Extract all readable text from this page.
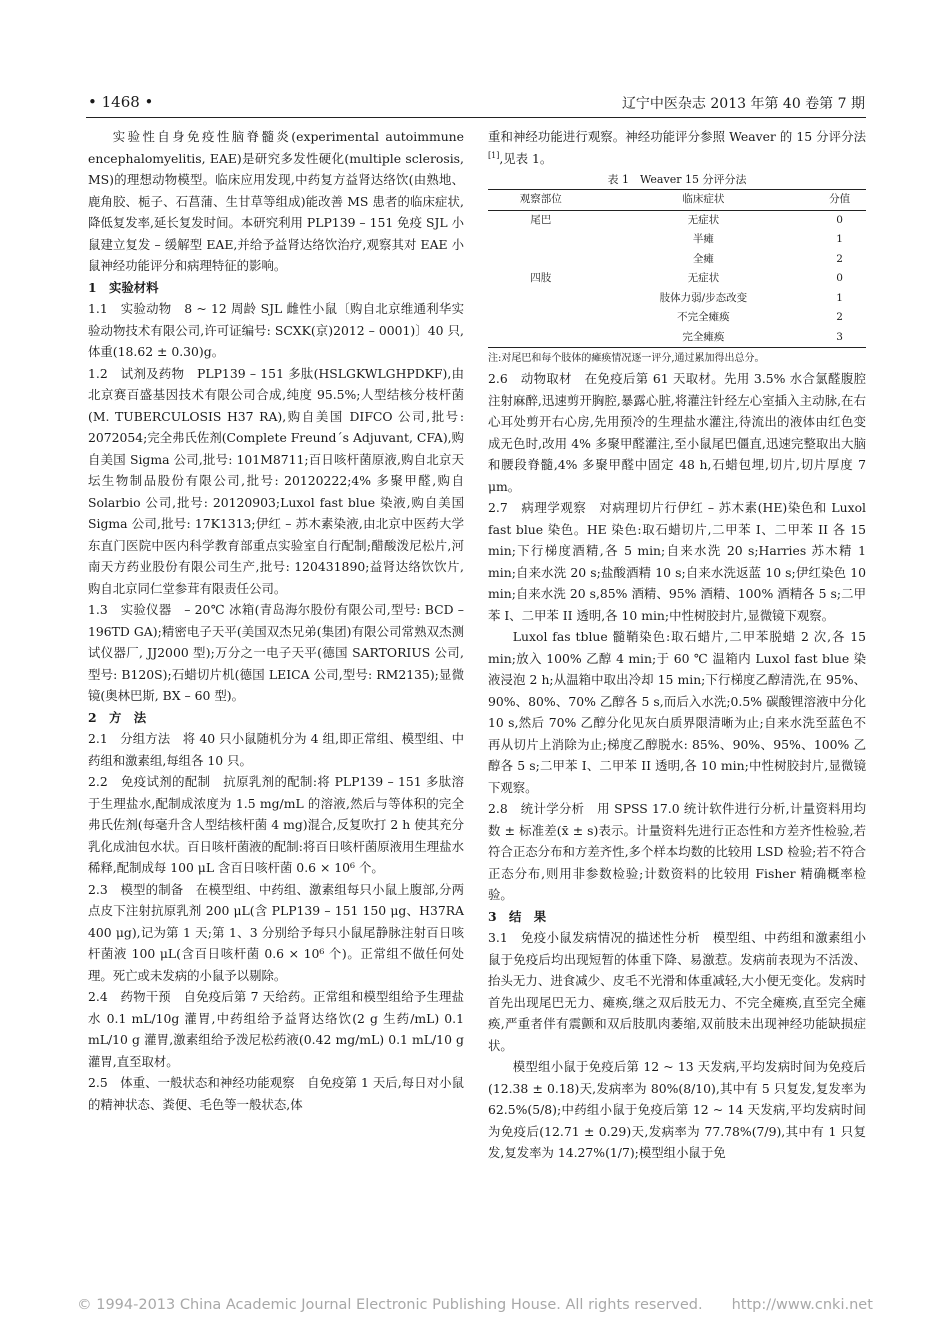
• 1468 •	辽宁中医杂志 2013 年第 40 卷第 7 期

实验性自身免疫性脑脊髓炎(experimental autoimmune encephalomyelitis, EAE)是研究多发性硬化(multiple sclerosis, MS)的理想动物模型。临床应用发现,中药复方益肾达络饮(由熟地、鹿角胶、栀子、石菖蒲、生甘草等组成)能改善 MS 患者的临床症状,降低复发率,延长复发时间。本研究利用 PLP139 – 151 免疫 SJL 小鼠建立复发 – 缓解型 EAE,并给予益肾达络饮治疗,观察其对 EAE 小鼠神经功能评分和病理特征的影响。

1　实验材料

1.1　实验动物　8 ~ 12 周龄 SJL 雌性小鼠〔购自北京维通利华实验动物技术有限公司,许可证编号: SCXK(京)2012 – 0001)〕40 只,体重(18.62 ± 0.30)g。

1.2　试剂及药物　PLP139 – 151 多肽(HSLGKWLGHPDKF),由北京赛百盛基因技术有限公司合成,纯度 95.5%;人型结核分枝杆菌(M. TUBERCULOSIS H37 RA),购自美国 DIFCO 公司,批号: 2072054;完全弗氏佐剂(Complete Freund´s Adjuvant, CFA),购自美国 Sigma 公司,批号: 101M8711;百日咳杆菌原液,购自北京天坛生物制品股份有限公司,批号: 20120222;4% 多聚甲醛,购自 Solarbio 公司,批号: 20120903;Luxol fast blue 染液,购自美国 Sigma 公司,批号: 17K1313;伊红 – 苏木素染液,由北京中医药大学东直门医院中医内科学教育部重点实验室自行配制;醋酸泼尼松片,河南天方药业股份有限公司生产,批号: 120431890;益肾达络饮饮片,购自北京同仁堂参茸有限责任公司。

1.3　实验仪器　– 20℃ 冰箱(青岛海尔股份有限公司,型号: BCD – 196TD GA);精密电子天平(美国双杰兄弟(集团)有限公司常熟双杰测试仪器厂, JJ2000 型);万分之一电子天平(德国 SARTORIUS 公司,型号: B120S);石蜡切片机(德国 LEICA 公司,型号: RM2135);显微镜(奥林巴斯, BX – 60 型)。

2　方　法

2.1　分组方法　将 40 只小鼠随机分为 4 组,即正常组、模型组、中药组和激素组,每组各 10 只。

2.2　免疫试剂的配制　抗原乳剂的配制:将 PLP139 – 151 多肽溶于生理盐水,配制成浓度为 1.5 mg/mL 的溶液,然后与等体积的完全弗氏佐剂(每毫升含人型结核杆菌 4 mg)混合,反复吹打 2 h 使其充分乳化成油包水状。百日咳杆菌液的配制:将百日咳杆菌原液用生理盐水稀释,配制成每 100 μL 含百日咳杆菌 0.6 × 10⁶ 个。

2.3　模型的制备　在模型组、中药组、激素组每只小鼠上腹部,分两点皮下注射抗原乳剂 200 μL(含 PLP139 – 151 150 μg、H37RA 400 μg),记为第 1 天;第 1、3 分别给予每只小鼠尾静脉注射百日咳杆菌液 100 μL(含百日咳杆菌 0.6 × 10⁶ 个)。正常组不做任何处理。死亡或未发病的小鼠予以剔除。

2.4　药物干预　自免疫后第 7 天给药。正常组和模型组给予生理盐水 0.1 mL/10g 灌胃,中药组给予益肾达络饮(2 g 生药/mL) 0.1 mL/10 g 灌胃,激素组给予泼尼松药液(0.42 mg/mL) 0.1 mL/10 g 灌胃,直至取材。

2.5　体重、一般状态和神经功能观察　自免疫第 1 天后,每日对小鼠的精神状态、粪便、毛色等一般状态,体

重和神经功能进行观察。神经功能评分参照 Weaver 的 15 分评分法[1],见表 1。

表 1　Weaver 15 分评分法
观察部位	临床症状	分值
尾巴	无症状	0
	半瘫	1
	全瘫	2
四肢	无症状	0
	肢体力弱/步态改变	1
	不完全瘫痪	2
	完全瘫痪	3
注:对尾巴和每个肢体的瘫痪情况逐一评分,通过累加得出总分。

2.6　动物取材　在免疫后第 61 天取材。先用 3.5% 水合氯醛腹腔注射麻醉,迅速剪开胸腔,暴露心脏,将灌注针经左心室插入主动脉,在右心耳处剪开右心房,先用预冷的生理盐水灌注,待流出的液体由红色变成无色时,改用 4% 多聚甲醛灌注,至小鼠尾巴僵直,迅速完整取出大脑和腰段脊髓,4% 多聚甲醛中固定 48 h,石蜡包埋,切片,切片厚度 7 μm。

2.7　病理学观察　对病理切片行伊红 – 苏木素(HE)染色和 Luxol fast blue 染色。HE 染色:取石蜡切片,二甲苯 I、二甲苯 II 各 15 min;下行梯度酒精,各 5 min;自来水洗 20 s;Harries 苏木精 1 min;自来水洗 20 s;盐酸酒精 10 s;自来水洗返蓝 10 s;伊红染色 10 min;自来水洗 20 s,85% 酒精、95% 酒精、100% 酒精各 5 s;二甲苯 I、二甲苯 II 透明,各 10 min;中性树胶封片,显微镜下观察。

Luxol fas tblue 髓鞘染色:取石蜡片,二甲苯脱蜡 2 次,各 15 min;放入 100% 乙醇 4 min;于 60 ℃ 温箱内 Luxol fast blue 染液浸泡 2 h;从温箱中取出冷却 15 min;下行梯度乙醇清洗,在 95%、90%、80%、70% 乙醇各 5 s,而后入水洗;0.5% 碳酸锂溶液中分化 10 s,然后 70% 乙醇分化见灰白质界限清晰为止;自来水洗至蓝色不再从切片上消除为止;梯度乙醇脱水: 85%、90%、95%、100% 乙醇各 5 s;二甲苯 I、二甲苯 II 透明,各 10 min;中性树胶封片,显微镜下观察。

2.8　统计学分析　用 SPSS 17.0 统计软件进行分析,计量资料用均数 ± 标准差(x̄ ± s)表示。计量资料先进行正态性和方差齐性检验,若符合正态分布和方差齐性,多个样本均数的比较用 LSD 检验;若不符合正态分布,则用非参数检验;计数资料的比较用 Fisher 精确概率检验。

3　结　果

3.1　免疫小鼠发病情况的描述性分析　模型组、中药组和激素组小鼠于免疫后均出现短暂的体重下降、易激惹。发病前表现为不活泼、抬头无力、进食减少、皮毛不光滑和体重减轻,大小便无变化。发病时首先出现尾巴无力、瘫痪,继之双后肢无力、不完全瘫痪,直至完全瘫痪,严重者伴有震颤和双后肢肌肉萎缩,双前肢未出现神经功能缺损症状。

模型组小鼠于免疫后第 12 ~ 13 天发病,平均发病时间为免疫后(12.38 ± 0.18)天,发病率为 80%(8/10),其中有 5 只复发,复发率为 62.5%(5/8);中药组小鼠于免疫后第 12 ~ 14 天发病,平均发病时间为免疫后(12.71 ± 0.29)天,发病率为 77.78%(7/9),其中有 1 只复发,复发率为 14.27%(1/7);模型组小鼠于免

© 1994-2013 China Academic Journal Electronic Publishing House. All rights reserved.　　http://www.cnki.net
